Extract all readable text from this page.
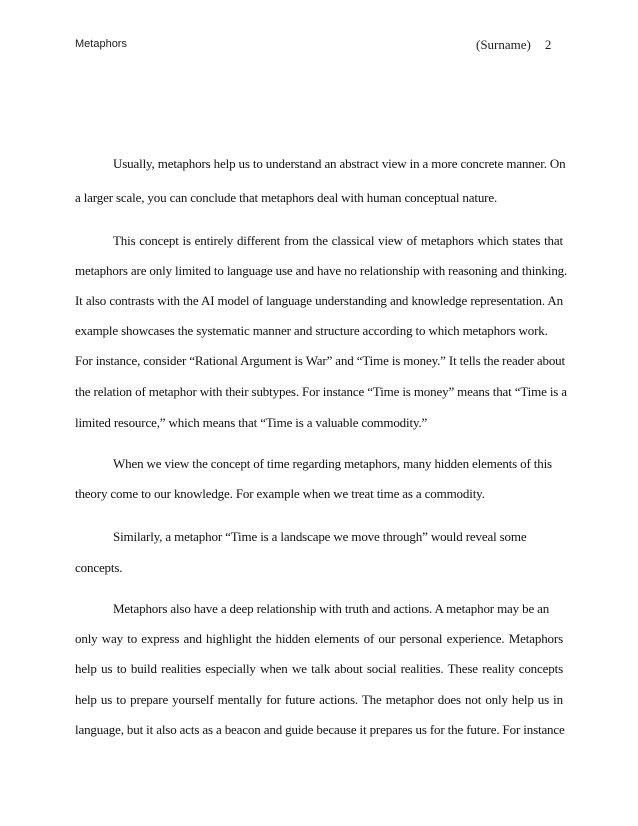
Metaphors	(Surname) 2
Usually, metaphors help us to understand an abstract view in a more concrete manner. On
a larger scale, you can conclude that metaphors deal with human conceptual nature.
This concept is entirely different from the classical view of metaphors which states that
metaphors are only limited to language use and have no relationship with reasoning and thinking.
It also contrasts with the AI model of language understanding and knowledge representation. An
example showcases the systematic manner and structure according to which metaphors work.
For instance, consider “Rational Argument is War” and “Time is money.” It tells the reader about
the relation of metaphor with their subtypes. For instance “Time is money” means that “Time is a
limited resource,” which means that “Time is a valuable commodity.”
When we view the concept of time regarding metaphors, many hidden elements of this
theory come to our knowledge. For example when we treat time as a commodity.
Similarly, a metaphor “Time is a landscape we move through” would reveal some
concepts.
Metaphors also have a deep relationship with truth and actions. A metaphor may be an
only way to express and highlight the hidden elements of our personal experience. Metaphors
help us to build realities especially when we talk about social realities. These reality concepts
help us to prepare yourself mentally for future actions. The metaphor does not only help us in
language, but it also acts as a beacon and guide because it prepares us for the future. For instance
